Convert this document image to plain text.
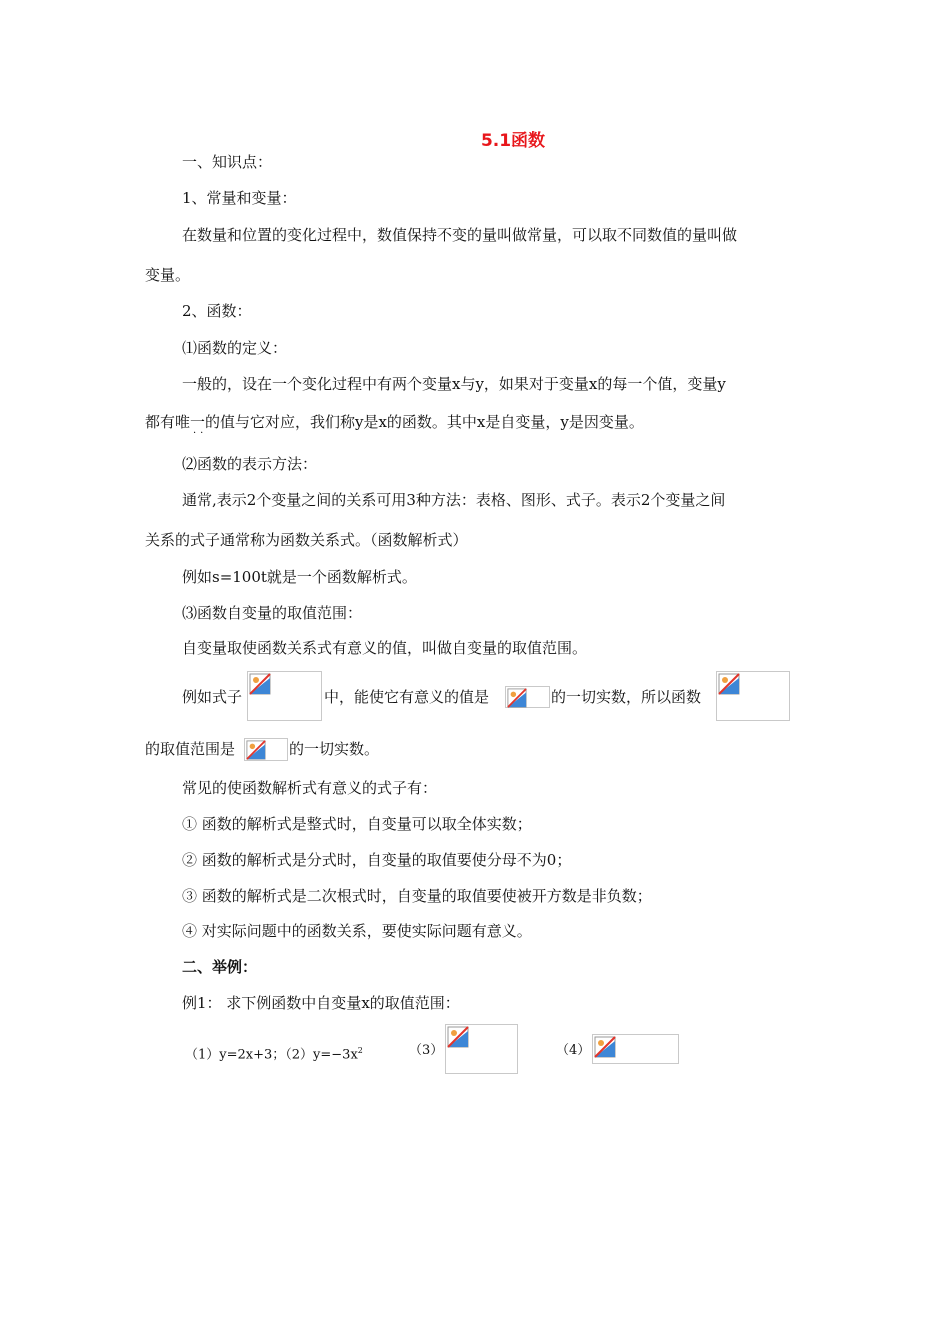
5.1函数
一、知识点：
1、常量和变量：
在数量和位置的变化过程中，数值保持不变的量叫做常量，可以取不同数值的量叫做
变量。
2、函数：
⑴函数的定义：
一般的，设在一个变化过程中有两个变量x与y，如果对于变量x的每一个值，变量y
都有唯一的值与它对应，我们称y是x的函数。其中x是自变量，y是因变量。
··
⑵函数的表示方法：
通常,表示2个变量之间的关系可用3种方法：表格、图形、式子。表示2个变量之间
关系的式子通常称为函数关系式。（函数解析式）
例如s=100t就是一个函数解析式。
⑶函数自变量的取值范围：
自变量取使函数关系式有意义的值，叫做自变量的取值范围。
例如式子	中，能使它有意义的值是	的一切实数，所以函数
的取值范围是	的一切实数。
常见的使函数解析式有意义的式子有：
① 函数的解析式是整式时，自变量可以取全体实数；
② 函数的解析式是分式时，自变量的取值要使分母不为0；
③ 函数的解析式是二次根式时，自变量的取值要使被开方数是非负数；
④ 对实际问题中的函数关系，要使实际问题有意义。
二、举例：
例1： 求下例函数中自变量x的取值范围：
（1）y=2x+3；$(2)y=-3x^2$	（3）	（4）
